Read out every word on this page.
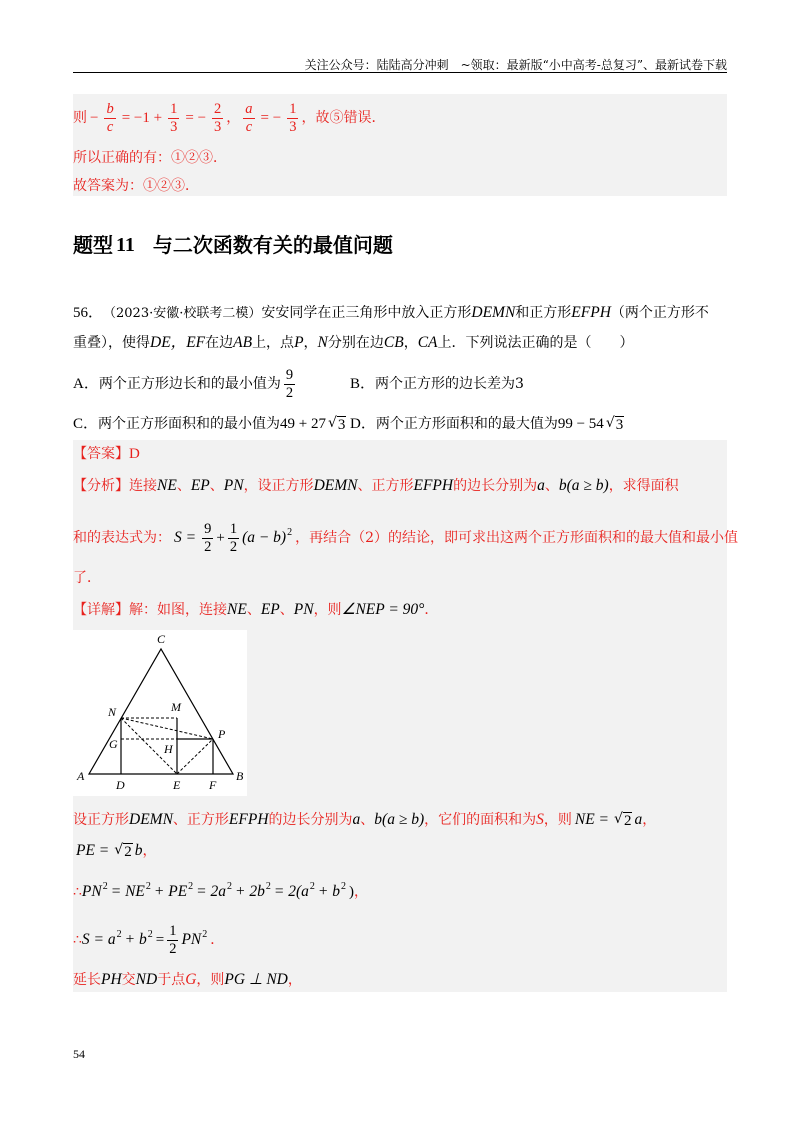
关注公众号：陆陆高分冲刺　~领取：最新版“小中高考-总复习”、最新试卷下载
则 − $\frac{b}{c} = -1 + \frac{1}{3}$ = − $\frac{2}{3}$ ， $\frac{a}{c}$ = − $\frac{1}{3}$ ，故⑤错误．
所以正确的有：①②③．
故答案为：①②③．
题型 11 与二次函数有关的最值问题
56． （2023·安徽·校联考二模） 安安同学在正三角形中放入正方形 DEMN 和正方形 EFPH （两个正方形不
重叠），使得 DE ， EF 在边 AB 上，点 P ， N 分别在边 CB ， CA 上．下列说法正确的是（　　）
A． 两个正方形边长和的最小值为 $\frac{9}{2}$	B． 两个正方形的边长差为3
C． 两个正方形面积和的最小值为 49 + 27 √ 3 D． 两个正方形面积和的最大值为 99 − 54 √ 3
【答案】 D
【分析】 连接 NE 、 EP 、 PN ，设正方形 DEMN 、正方形 EFPH 的边长分别为 a 、 b (a ≥ b) ，求得面积
和的表达式为： $S = \frac{9}{2} + \frac{1}{2} (a - b)^2$ ，再结合（2）的结论，即可求出这两个正方形面积和的最大值和最小值
了．
【详解】 解：如图，连接 NE 、 EP 、 PN ，则 ∠NEP = 90° ．
C
M
N
G	H
P
A
D	E F
B
设正方形 DEMN 、正方形 EFPH 的边长分别为 a 、 b (a ≥ b) ，它们的面积和为 S ，则 NE = √ 2 a ，
PE = √ 2 b ，
∴ $PN^2 = NE^2 + PE^2 = 2a^2 + 2b^2 = 2(a^2 + b^2$ ) ，
∴ $S = a^2 + b^2 = \frac{1}{2} PN^2$ ．
延长 PH 交 ND 于点 G ，则 PG ⊥ ND ，
54
